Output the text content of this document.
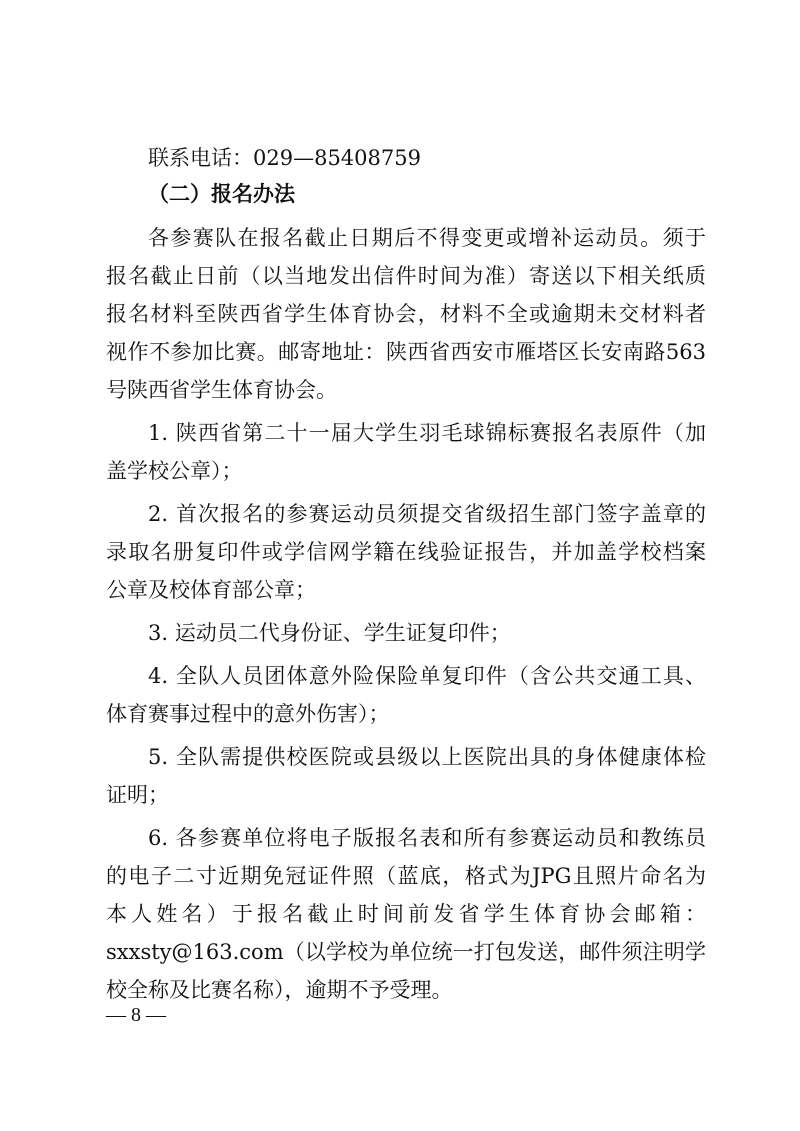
联系电话：029—85408759
（二）报名办法
各参赛队在报名截止日期后不得变更或增补运动员。须于
报名截止日前（以当地发出信件时间为准）寄送以下相关纸质
报名材料至陕西省学生体育协会，材料不全或逾期未交材料者
视作不参加比赛。邮寄地址：陕西省西安市雁塔区长安南路563
号陕西省学生体育协会。
1. 陕西省第二十一届大学生羽毛球锦标赛报名表原件（加
盖学校公章）；
2. 首次报名的参赛运动员须提交省级招生部门签字盖章的
录取名册复印件或学信网学籍在线验证报告，并加盖学校档案
公章及校体育部公章；
3. 运动员二代身份证、学生证复印件；
4. 全队人员团体意外险保险单复印件（含公共交通工具、
体育赛事过程中的意外伤害）；
5. 全队需提供校医院或县级以上医院出具的身体健康体检
证明；
6. 各参赛单位将电子版报名表和所有参赛运动员和教练员
的电子二寸近期免冠证件照（蓝底，格式为JPG且照片命名为
本人姓名）于报名截止时间前发省学生体育协会邮箱：
sxxsty@163.com（以学校为单位统一打包发送，邮件须注明学
校全称及比赛名称），逾期不予受理。
— 8 —
